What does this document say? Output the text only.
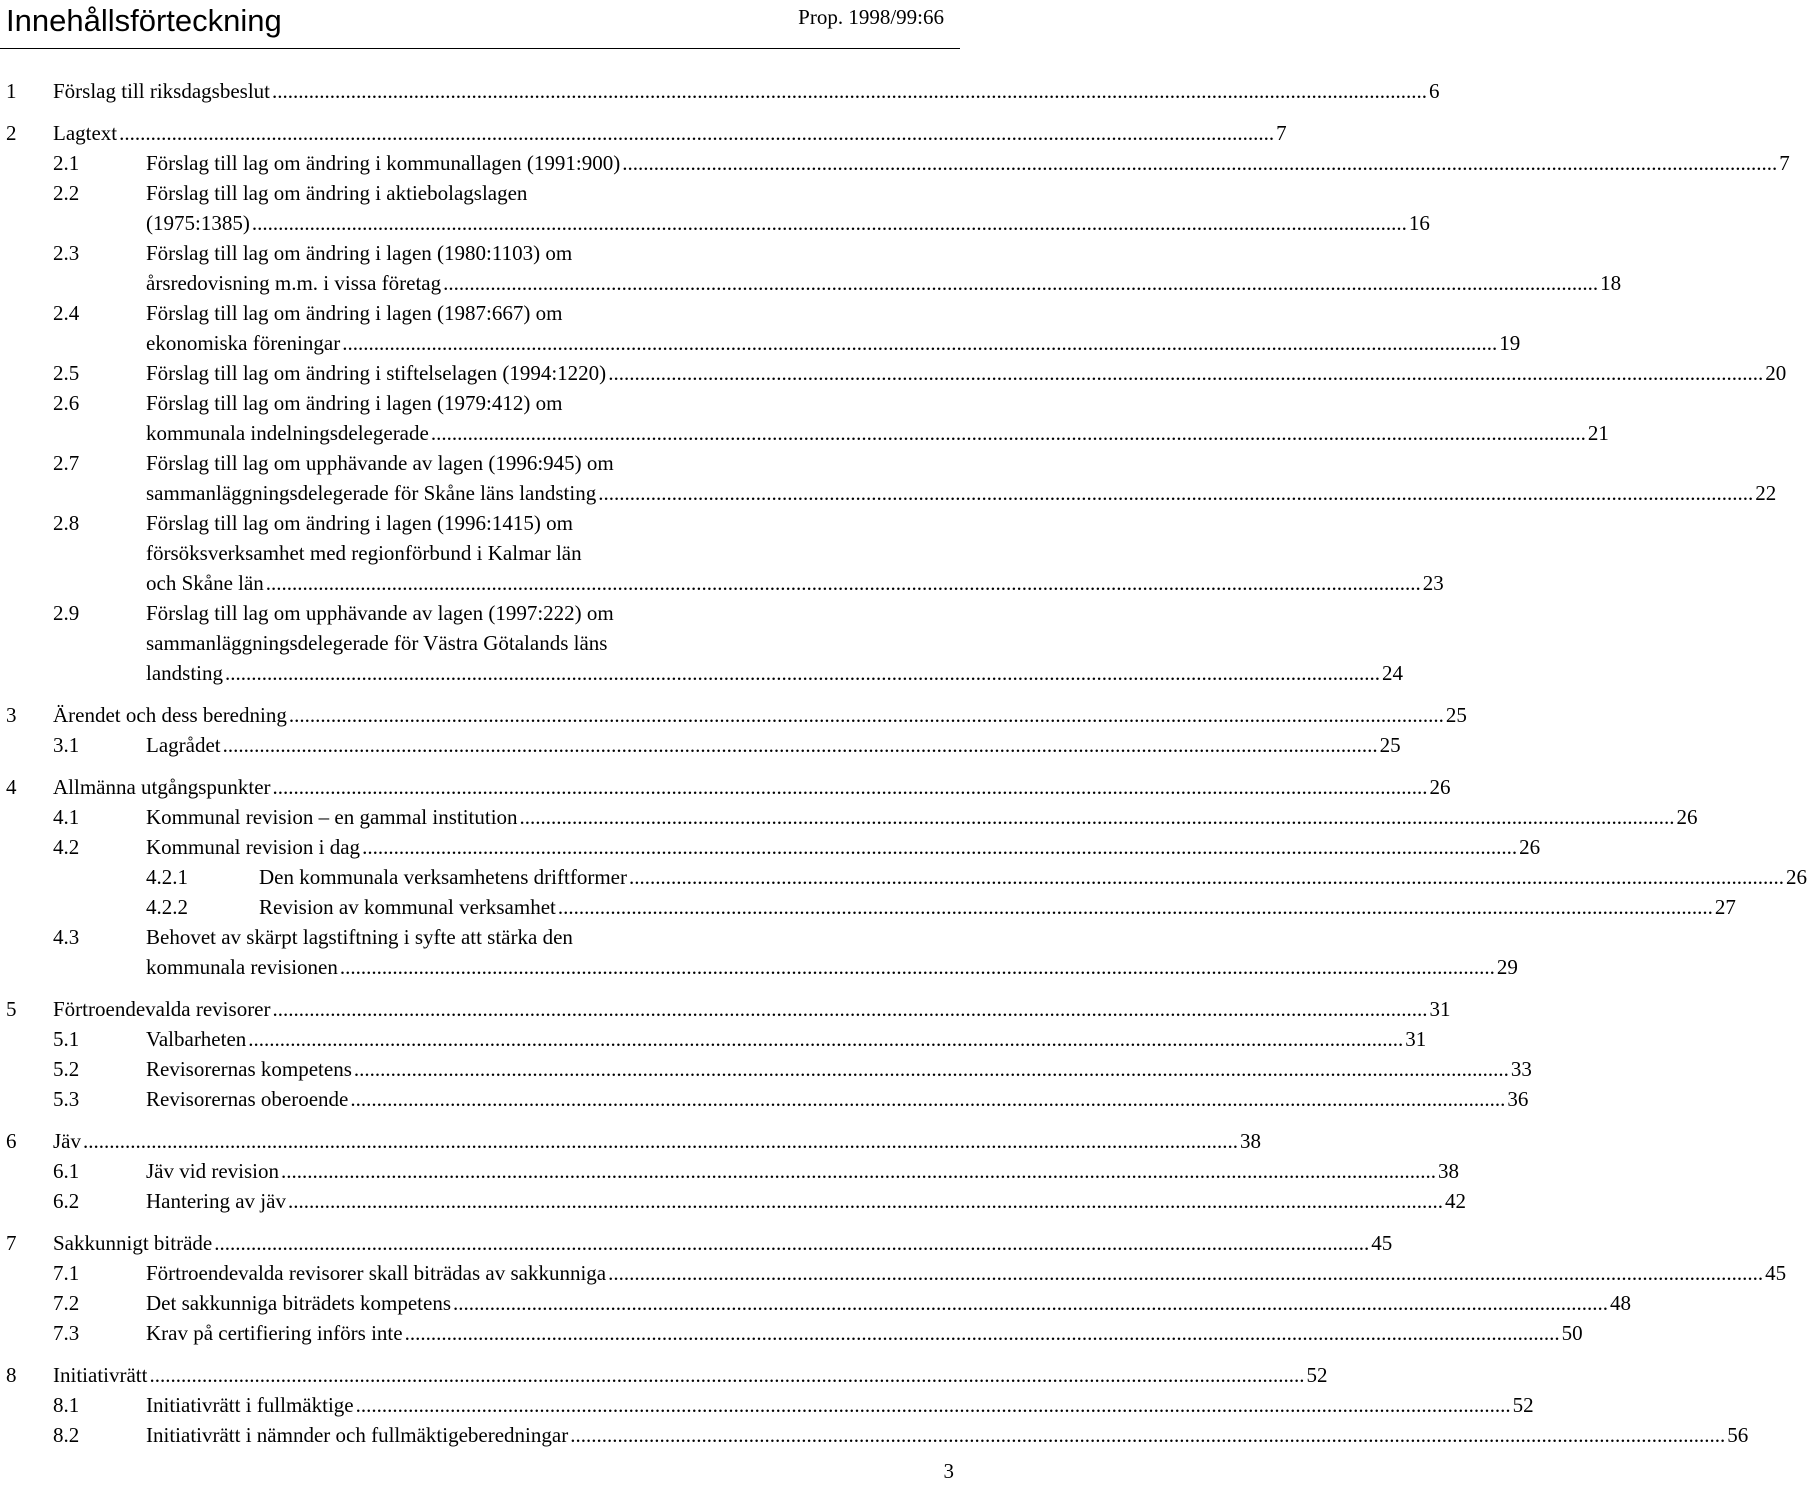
Innehållsförteckning	Prop. 1998/99:66
1 Förslag till riksdagsbeslut ............................................................................................................................................................................................................................ 6
2 Lagtext ............................................................................................................................................................................................................................ 7
2.1	Förslag till lag om ändring i kommunallagen (1991:900) ............................................................................................................................................................................................................................ 7
2.2	Förslag till lag om ändring i aktiebolagslagen
(1975:1385) ............................................................................................................................................................................................................................ 16
2.3	Förslag till lag om ändring i lagen (1980:1103) om
årsredovisning m.m. i vissa företag ............................................................................................................................................................................................................................ 18
2.4	Förslag till lag om ändring i lagen (1987:667) om
ekonomiska föreningar ............................................................................................................................................................................................................................ 19
2.5	Förslag till lag om ändring i stiftelselagen (1994:1220) ............................................................................................................................................................................................................................ 20
2.6	Förslag till lag om ändring i lagen (1979:412) om
kommunala indelningsdelegerade ............................................................................................................................................................................................................................ 21
2.7	Förslag till lag om upphävande av lagen (1996:945) om
sammanläggningsdelegerade för Skåne läns landsting ............................................................................................................................................................................................................................ 22
2.8	Förslag till lag om ändring i lagen (1996:1415) om
försöksverksamhet med regionförbund i Kalmar län
och Skåne län ............................................................................................................................................................................................................................ 23
2.9	Förslag till lag om upphävande av lagen (1997:222) om
sammanläggningsdelegerade för Västra Götalands läns
landsting ............................................................................................................................................................................................................................ 24
3 Ärendet och dess beredning ............................................................................................................................................................................................................................ 25
3.1	Lagrådet ............................................................................................................................................................................................................................ 25
4 Allmänna utgångspunkter ............................................................................................................................................................................................................................ 26
4.1	Kommunal revision – en gammal institution ............................................................................................................................................................................................................................ 26
4.2	Kommunal revision i dag ............................................................................................................................................................................................................................ 26
4.2.1	Den kommunala verksamhetens driftformer ............................................................................................................................................................................................................................ 26
4.2.2	Revision av kommunal verksamhet ............................................................................................................................................................................................................................ 27
4.3	Behovet av skärpt lagstiftning i syfte att stärka den
kommunala revisionen ............................................................................................................................................................................................................................ 29
5 Förtroendevalda revisorer ............................................................................................................................................................................................................................ 31
5.1	Valbarheten ............................................................................................................................................................................................................................ 31
5.2	Revisorernas kompetens ............................................................................................................................................................................................................................ 33
5.3	Revisorernas oberoende ............................................................................................................................................................................................................................ 36
6 Jäv ............................................................................................................................................................................................................................ 38
6.1	Jäv vid revision ............................................................................................................................................................................................................................ 38
6.2	Hantering av jäv ............................................................................................................................................................................................................................ 42
7 Sakkunnigt biträde ............................................................................................................................................................................................................................ 45
7.1	Förtroendevalda revisorer skall biträdas av sakkunniga ............................................................................................................................................................................................................................ 45
7.2	Det sakkunniga biträdets kompetens ............................................................................................................................................................................................................................ 48
7.3	Krav på certifiering införs inte ............................................................................................................................................................................................................................ 50
8 Initiativrätt ............................................................................................................................................................................................................................ 52
8.1	Initiativrätt i fullmäktige ............................................................................................................................................................................................................................ 52
8.2	Initiativrätt i nämnder och fullmäktigeberedningar ............................................................................................................................................................................................................................ 56
3
